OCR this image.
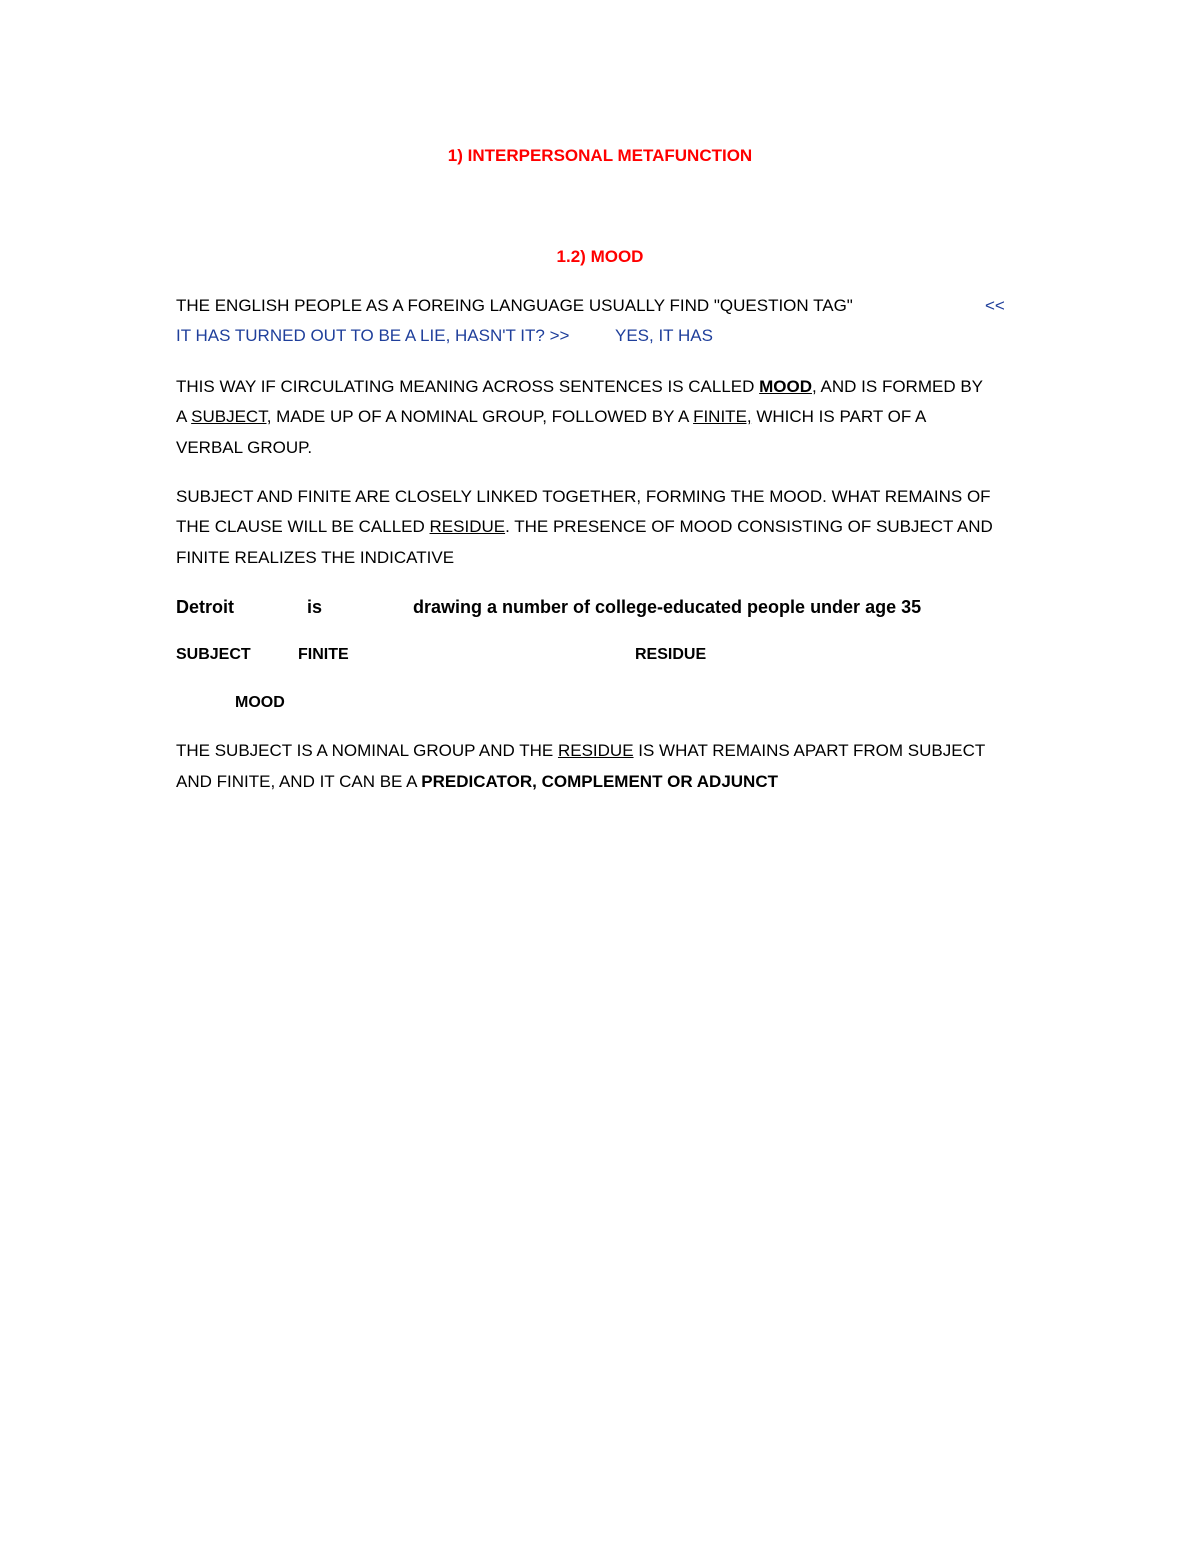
1) INTERPERSONAL METAFUNCTION
1.2) MOOD
THE ENGLISH PEOPLE AS A FOREING LANGUAGE USUALLY FIND "QUESTION TAG"	<<
IT HAS TURNED OUT TO BE A LIE, HASN'T IT? >>	YES, IT HAS
THIS WAY IF CIRCULATING MEANING ACROSS SENTENCES IS CALLED MOOD, AND IS FORMED BY
A SUBJECT, MADE UP OF A NOMINAL GROUP, FOLLOWED BY A FINITE, WHICH IS PART OF A
VERBAL GROUP.
SUBJECT AND FINITE ARE CLOSELY LINKED TOGETHER, FORMING THE MOOD. WHAT REMAINS OF
THE CLAUSE WILL BE CALLED RESIDUE. THE PRESENCE OF MOOD CONSISTING OF SUBJECT AND
FINITE REALIZES THE INDICATIVE
Detroit	is	drawing a number of college-educated people under age 35
SUBJECT	FINITE	RESIDUE
MOOD
THE SUBJECT IS A NOMINAL GROUP AND THE RESIDUE IS WHAT REMAINS APART FROM SUBJECT
AND FINITE, AND IT CAN BE A PREDICATOR, COMPLEMENT OR ADJUNCT
